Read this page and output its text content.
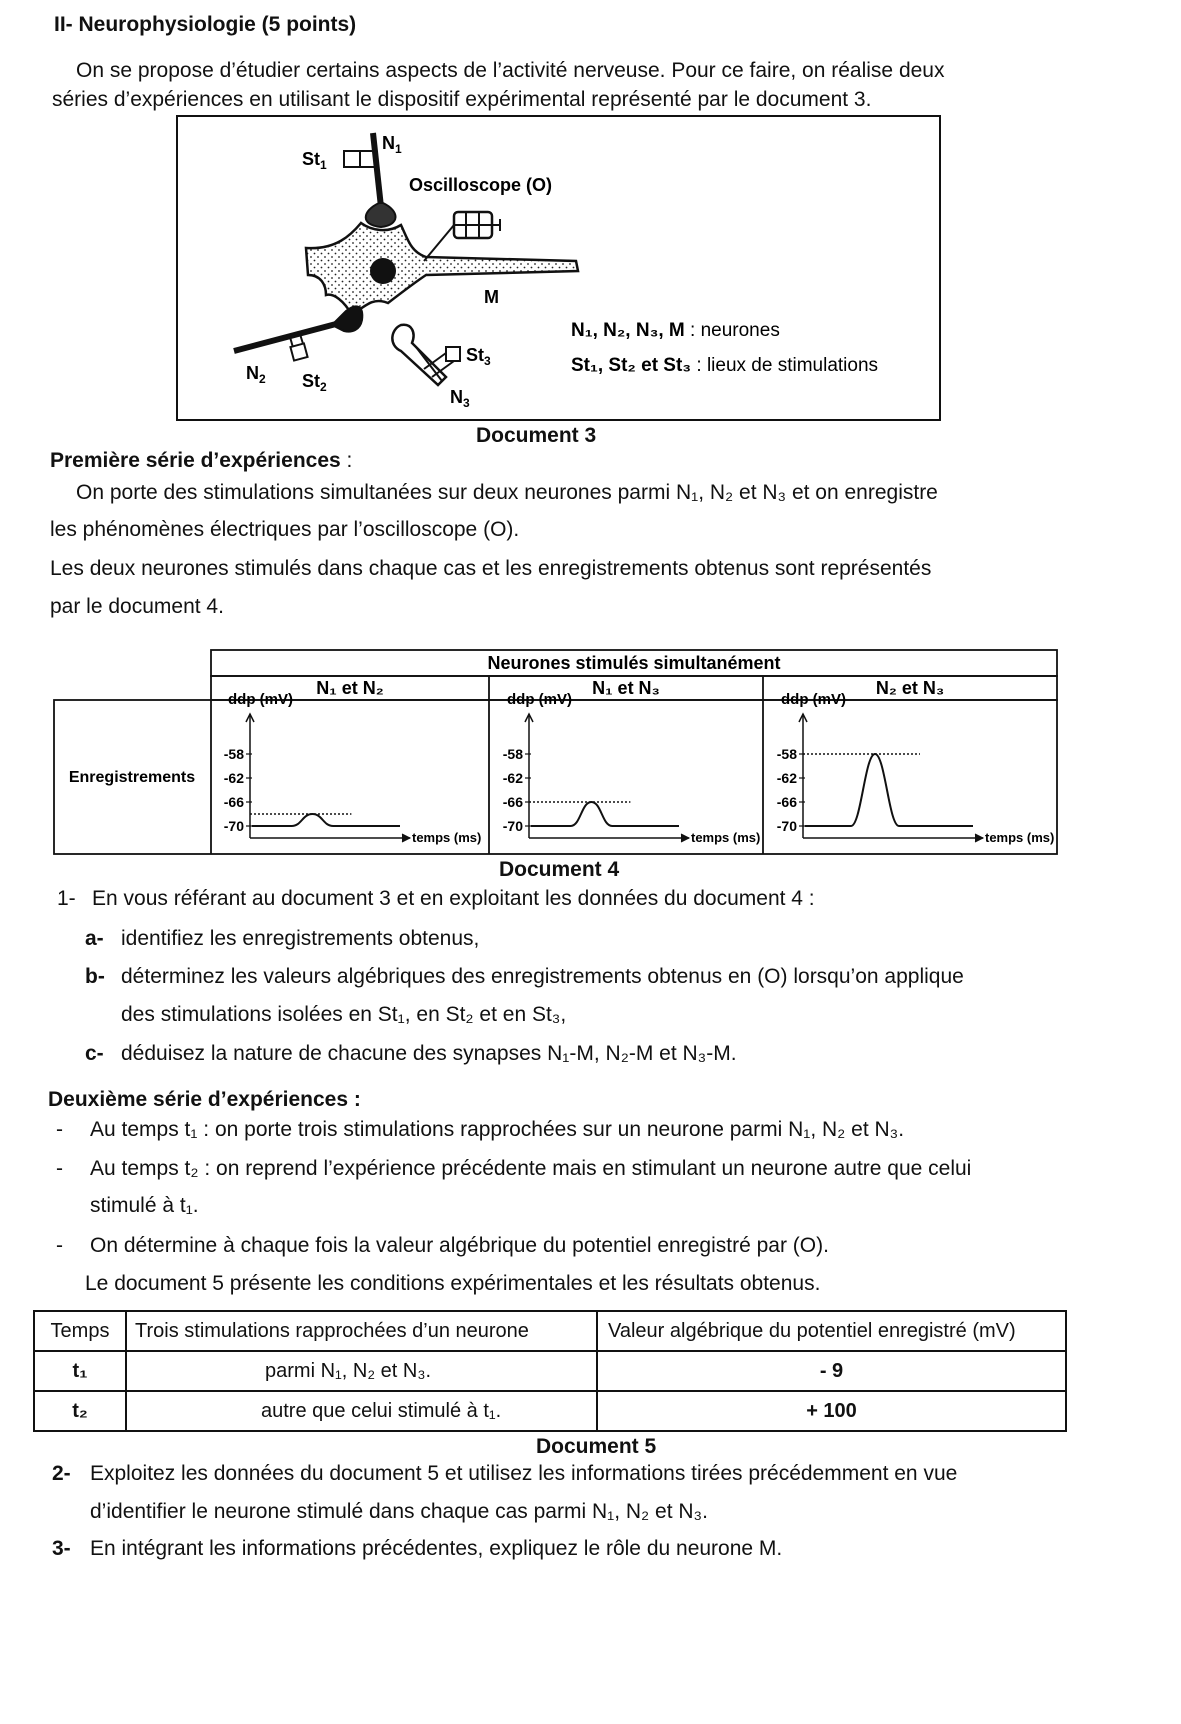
II- Neurophysiologie (5 points)
On se propose d’étudier certains aspects de l’activité nerveuse. Pour ce faire, on réalise deux
séries d’expériences en utilisant le dispositif expérimental représenté par le document 3.
$St_1$
$N_1$
Oscilloscope (O)
M
$N_2$ $St_2$
$St_3$
$N_3$
N₁, N₂, N₃, M : neurones
St₁, St₂ et St₃ : lieux de stimulations
Document 3
Première série d’expériences :
On porte des stimulations simultanées sur deux neurones parmi N₁, N₂ et N₃ et on enregistre
les phénomènes électriques par l’oscilloscope (O).
Les deux neurones stimulés dans chaque cas et les enregistrements obtenus sont représentés
par le document 4.
Neurones stimulés simultanément
N₁ et N₂	N₁ et N₃	N₂ et N₃
Enregistrements
ddp (mV)
temps (ms)
-58
-62
-66
-70
ddp (mV)
temps (ms)
-58
-62
-66
-70
ddp (mV)
temps (ms)
-58
-62
-66
-70
Document 4
1- En vous référant au document 3 et en exploitant les données du document 4 :
a- identifiez les enregistrements obtenus,
b- déterminez les valeurs algébriques des enregistrements obtenus en (O) lorsqu’on applique
des stimulations isolées en St₁, en St₂ et en St₃,
c- déduisez la nature de chacune des synapses N₁-M, N₂-M et N₃-M.
Deuxième série d’expériences :
- Au temps t₁ : on porte trois stimulations rapprochées sur un neurone parmi N₁, N₂ et N₃.
- Au temps t₂ : on reprend l’expérience précédente mais en stimulant un neurone autre que celui
stimulé à t₁.
- On détermine à chaque fois la valeur algébrique du potentiel enregistré par (O).
Le document 5 présente les conditions expérimentales et les résultats obtenus.
Temps	Trois stimulations rapprochées d’un neurone	Valeur algébrique du potentiel enregistré (mV)
t₁	parmi N₁, N₂ et N₃.	- 9
t₂	autre que celui stimulé à t₁.	+ 100
Document 5
2- Exploitez les données du document 5 et utilisez les informations tirées précédemment en vue
d’identifier le neurone stimulé dans chaque cas parmi N₁, N₂ et N₃.
3- En intégrant les informations précédentes, expliquez le rôle du neurone M.
